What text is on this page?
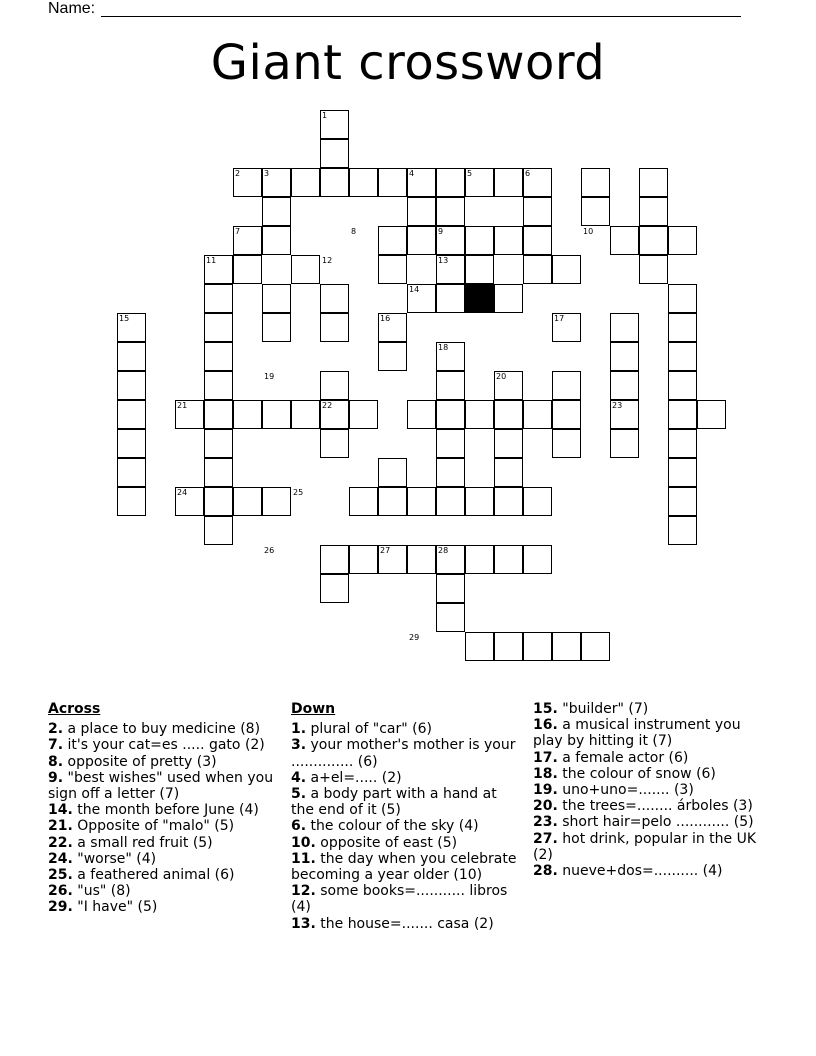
Name:
Giant crossword
1
2	3	4	5	6
7	8	9	10
11	12	13
14
15	16	17
18
19	20
21	22	23
24	25
26	27	28
29
Across
2. a place to buy medicine (8)
7. it's your cat=es ..... gato (2)
8. opposite of pretty (3)
9. "best wishes" used when you sign off a letter (7)
14. the month before June (4)
21. Opposite of "malo" (5)
22. a small red fruit (5)
24. "worse" (4)
25. a feathered animal (6)
26. "us" (8)
29. "I have" (5)
Down
1. plural of "car" (6)
3. your mother's mother is your .............. (6)
4. a+el=..... (2)
5. a body part with a hand at the end of it (5)
6. the colour of the sky (4)
10. opposite of east (5)
11. the day when you celebrate becoming a year older (10)
12. some books=........... libros (4)
13. the house=....... casa (2)
15. "builder" (7)
16. a musical instrument you play by hitting it (7)
17. a female actor (6)
18. the colour of snow (6)
19. uno+uno=....... (3)
20. the trees=........ árboles (3)
23. short hair=pelo ............ (5)
27. hot drink, popular in the UK (2)
28. nueve+dos=.......... (4)
